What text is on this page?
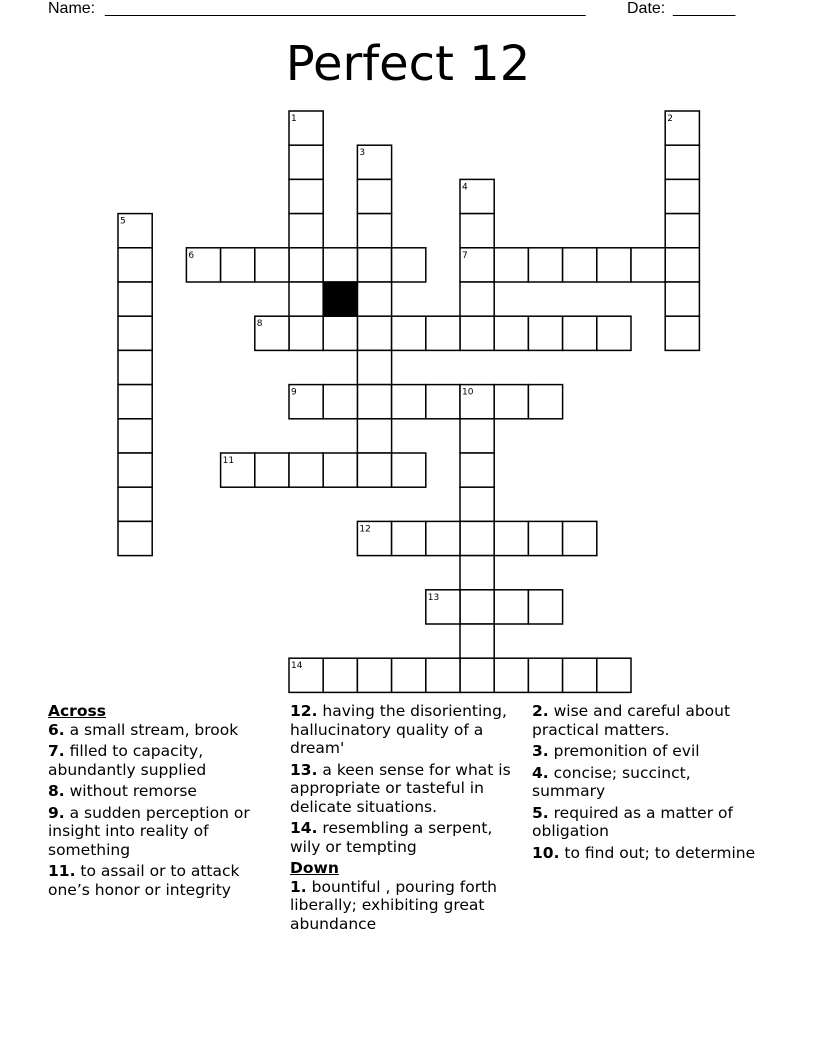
Name: ______________________________________________________	Date: _______
Perfect 12
1	2
3
4
5
6	7
8
9	10
11
12
13
14
Across
6. a small stream, brook
7. filled to capacity, abundantly supplied
8. without remorse
9. a sudden perception or insight into reality of something
11. to assail or to attack one’s honor or integrity
12. having the disorienting, hallucinatory quality of a dream'
13. a keen sense for what is appropriate or tasteful in delicate situations.
14. resembling a serpent, wily or tempting
Down
1. bountiful , pouring forth liberally; exhibiting great abundance
2. wise and careful about practical matters.
3. premonition of evil
4. concise; succinct, summary
5. required as a matter of obligation
10. to find out; to determine
